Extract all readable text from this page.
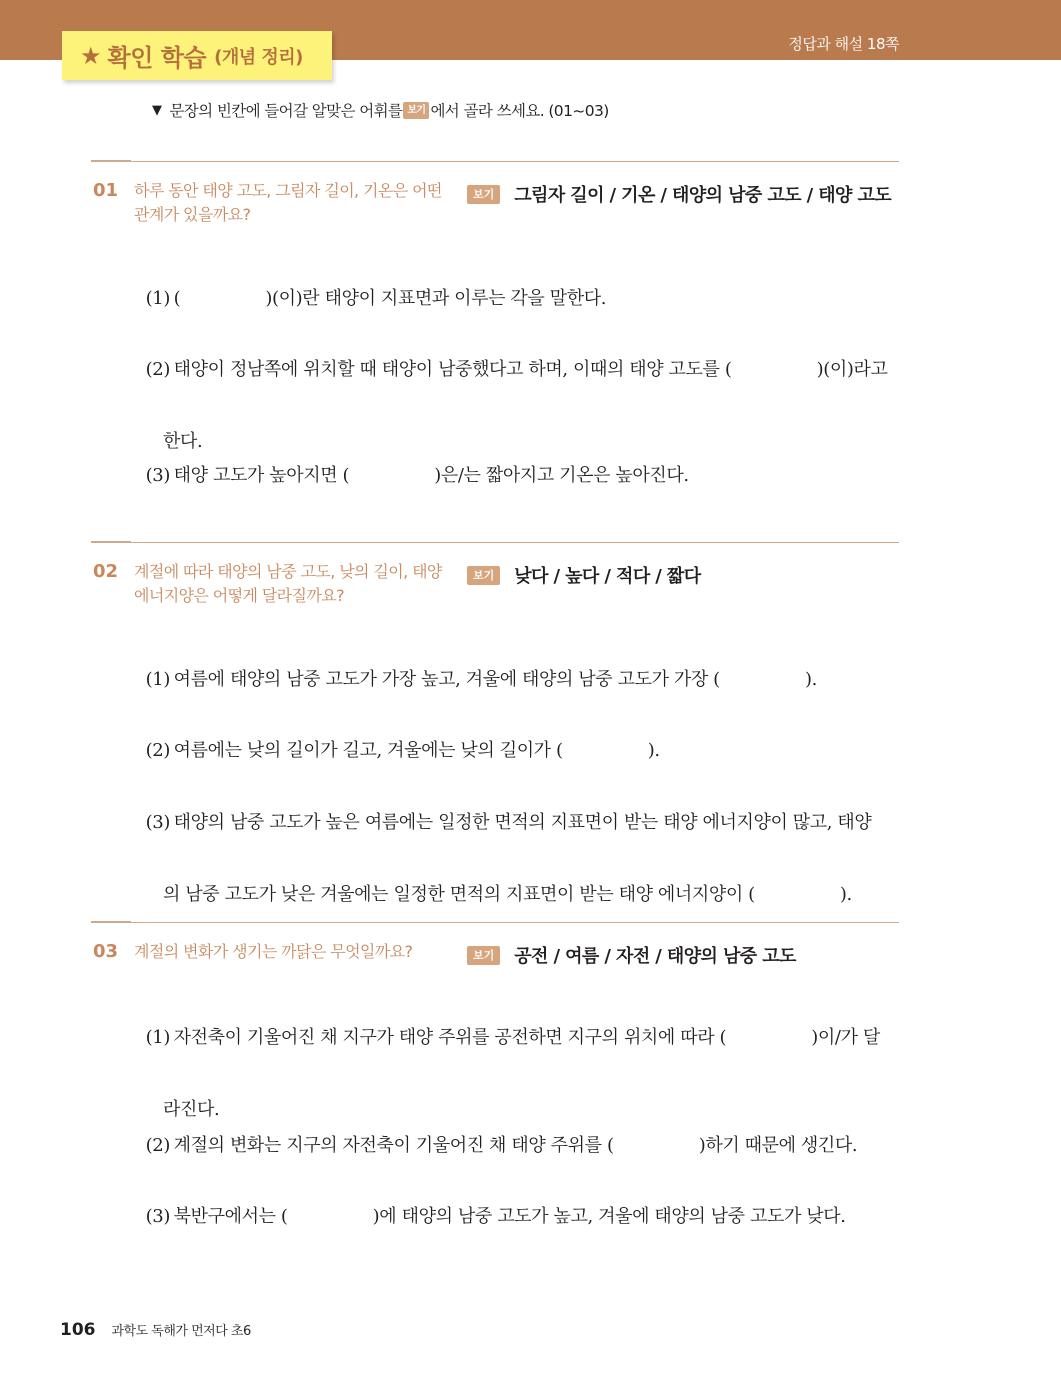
정답과 해설 18쪽
★ 확인 학습 (개념 정리)
▼ 문장의 빈칸에 들어갈 알맞은 어휘를 보기 에서 골라 쓰세요. (01~03)
01 하루 동안 태양 고도, 그림자 길이, 기온은 어떤 관계가 있을까요?
보기	그림자 길이 / 기온 / 태양의 남중 고도 / 태양 고도

(1) (                )(이)란 태양이 지표면과 이루는 각을 말한다.

(2) 태양이 정남쪽에 위치할 때 태양이 남중했다고 하며, 이때의 태양 고도를 (                )(이)라고

한다.

(3) 태양 고도가 높아지면 (                )은/는 짧아지고 기온은 높아진다.

02 계절에 따라 태양의 남중 고도, 낮의 길이, 태양 에너지양은 어떻게 달라질까요?
보기	낮다 / 높다 / 적다 / 짧다

(1) 여름에 태양의 남중 고도가 가장 높고, 겨울에 태양의 남중 고도가 가장 (                ).

(2) 여름에는 낮의 길이가 길고, 겨울에는 낮의 길이가 (                ).

(3) 태양의 남중 고도가 높은 여름에는 일정한 면적의 지표면이 받는 태양 에너지양이 많고, 태양

의 남중 고도가 낮은 겨울에는 일정한 면적의 지표면이 받는 태양 에너지양이 (                ).

03 계절의 변화가 생기는 까닭은 무엇일까요?	보기	공전 / 여름 / 자전 / 태양의 남중 고도

(1) 자전축이 기울어진 채 지구가 태양 주위를 공전하면 지구의 위치에 따라 (                )이/가 달

라진다.

(2) 계절의 변화는 지구의 자전축이 기울어진 채 태양 주위를 (                )하기 때문에 생긴다.

(3) 북반구에서는 (                )에 태양의 남중 고도가 높고, 겨울에 태양의 남중 고도가 낮다.

106 과학도 독해가 먼저다 초6
